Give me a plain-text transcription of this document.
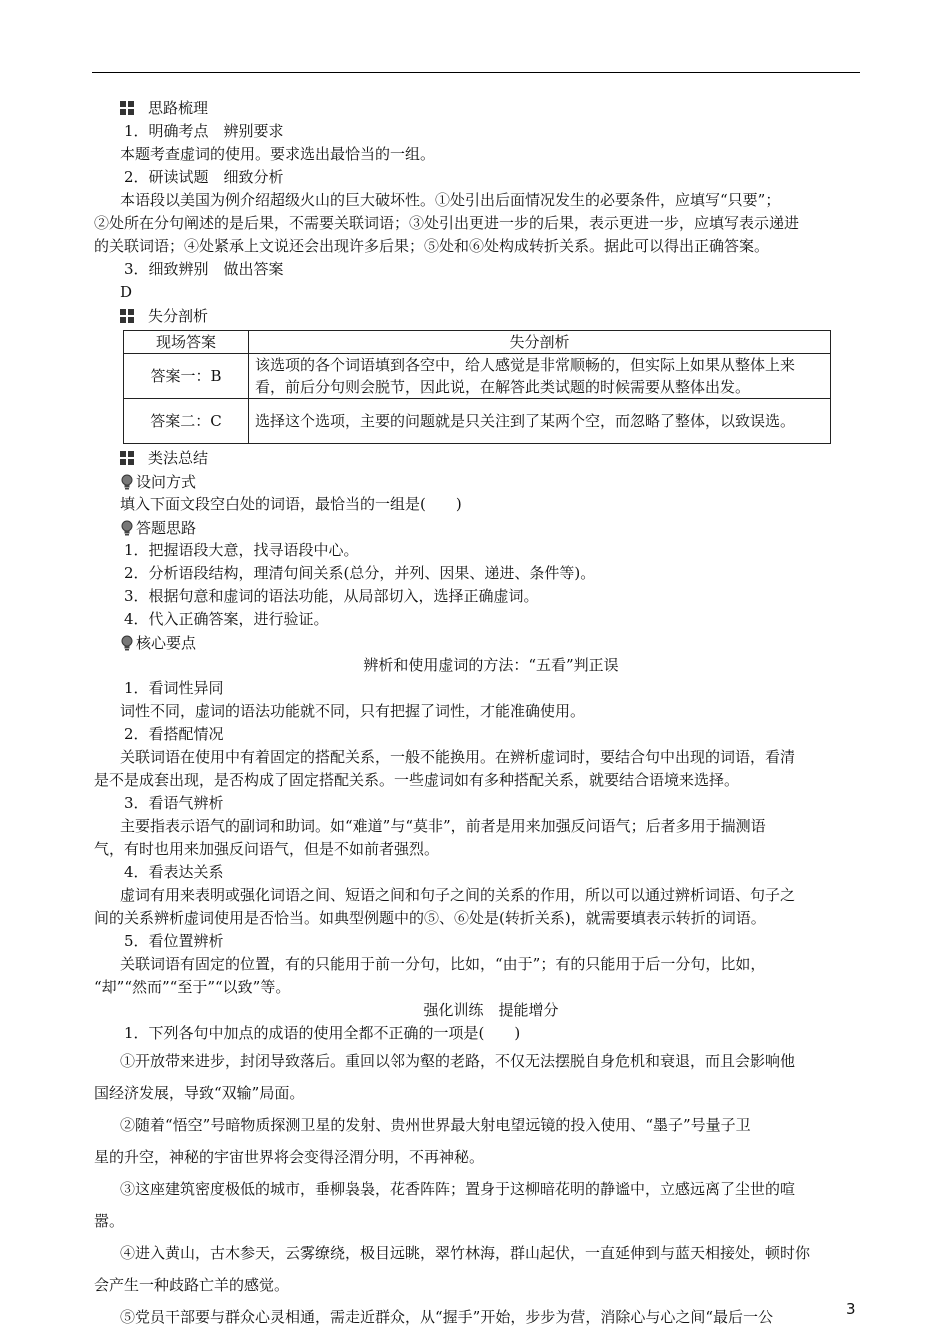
思路梳理
1．明确考点　辨别要求
本题考查虚词的使用。要求选出最恰当的一组。
2．研读试题　细致分析
本语段以美国为例介绍超级火山的巨大破坏性。①处引出后面情况发生的必要条件，应填写“只要”；
②处所在分句阐述的是后果，不需要关联词语；③处引出更进一步的后果，表示更进一步，应填写表示递进
的关联词语；④处紧承上文说还会出现许多后果；⑤处和⑥处构成转折关系。据此可以得出正确答案。
3．细致辨别　做出答案
D
失分剖析
现场答案	失分剖析
答案一：B	该选项的各个词语填到各空中，给人感觉是非常顺畅的，但实际上如果从整体上来看，前后分句则会脱节，因此说，在解答此类试题的时候需要从整体出发。
答案二：C	选择这个选项，主要的问题就是只关注到了某两个空，而忽略了整体，以致误选。
类法总结
设问方式
填入下面文段空白处的词语，最恰当的一组是(　　)
答题思路
1．把握语段大意，找寻语段中心。
2．分析语段结构，理清句间关系(总分，并列、因果、递进、条件等)。
3．根据句意和虚词的语法功能，从局部切入，选择正确虚词。
4．代入正确答案，进行验证。
核心要点
辨析和使用虚词的方法：“五看”判正误
1．看词性异同
词性不同，虚词的语法功能就不同，只有把握了词性，才能准确使用。
2．看搭配情况
关联词语在使用中有着固定的搭配关系，一般不能换用。在辨析虚词时，要结合句中出现的词语，看清
是不是成套出现，是否构成了固定搭配关系。一些虚词如有多种搭配关系，就要结合语境来选择。
3．看语气辨析
主要指表示语气的副词和助词。如“难道”与“莫非”，前者是用来加强反问语气；后者多用于揣测语
气，有时也用来加强反问语气，但是不如前者强烈。
4．看表达关系
虚词有用来表明或强化词语之间、短语之间和句子之间的关系的作用，所以可以通过辨析词语、句子之
间的关系辨析虚词使用是否恰当。如典型例题中的⑤、⑥处是(转折关系)，就需要填表示转折的词语。
5．看位置辨析
关联词语有固定的位置，有的只能用于前一分句，比如，“由于”；有的只能用于后一分句，比如，
“却”“然而”“至于”“以致”等。
强化训练　提能增分
1．下列各句中加点的成语的使用全都不正确的一项是(　　)
①开放带来进步，封闭导致落后。重回以邻为壑的老路，不仅无法摆脱自身危机和衰退，而且会影响他
国经济发展，导致“双输”局面。
②随着“悟空”号暗物质探测卫星的发射、贵州世界最大射电望远镜的投入使用、“墨子”号量子卫
星的升空，神秘的宇宙世界将会变得泾渭分明，不再神秘。
③这座建筑密度极低的城市，垂柳袅袅，花香阵阵；置身于这柳暗花明的静谧中，立感远离了尘世的喧
嚣。
④进入黄山，古木参天，云雾缭绕，极目远眺，翠竹林海，群山起伏，一直延伸到与蓝天相接处，顿时你
会产生一种歧路亡羊的感觉。
⑤党员干部要与群众心灵相通，需走近群众，从“握手”开始，步步为营，消除心与心之间“最后一公	3
